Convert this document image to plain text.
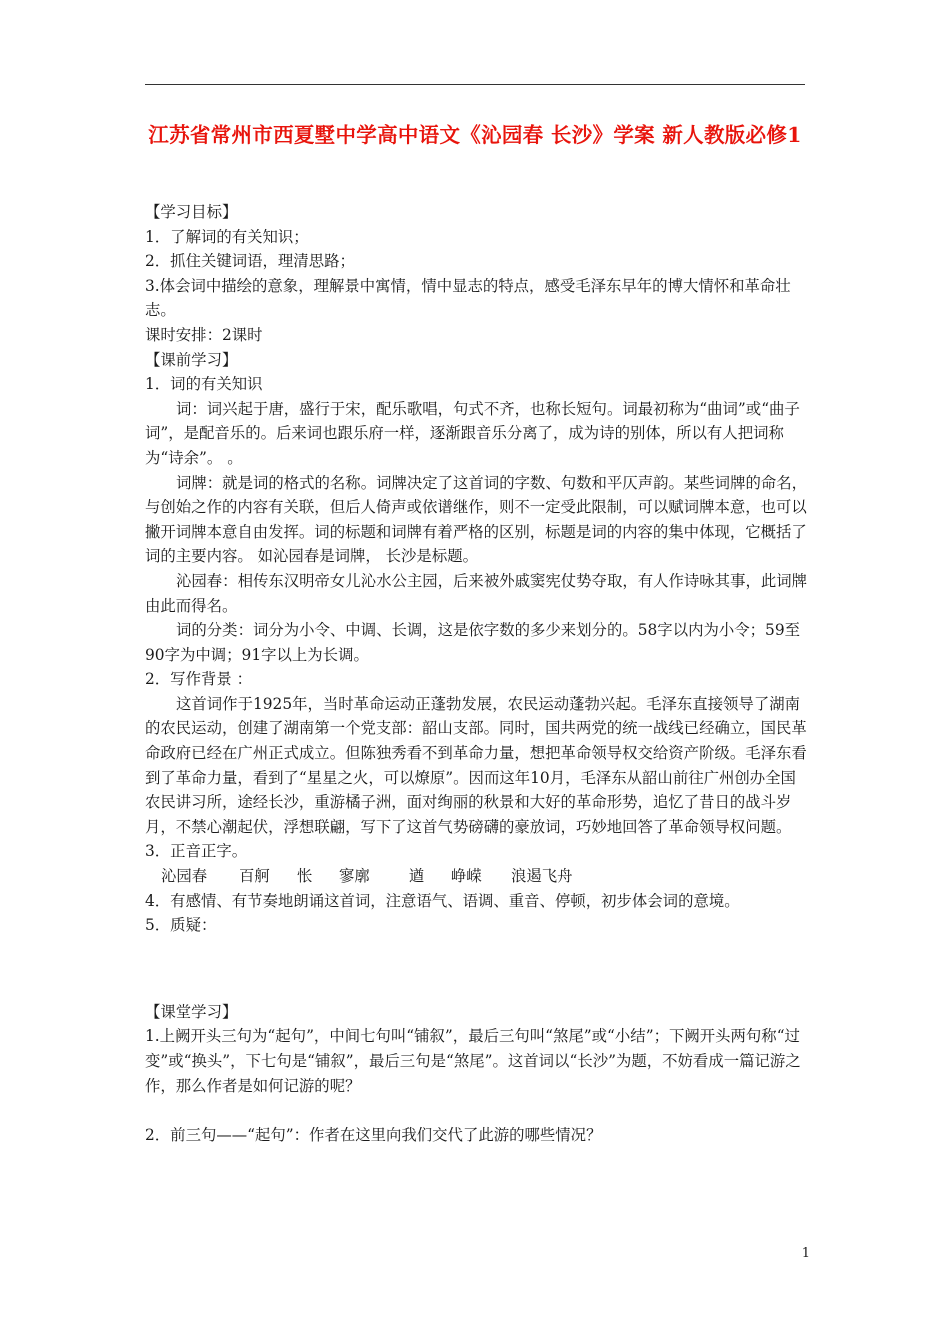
江苏省常州市西夏墅中学高中语文《沁园春 长沙》学案 新人教版必修1

【学习目标】

1．了解词的有关知识；

2．抓住关键词语，理清思路；

3.体会词中描绘的意象，理解景中寓情，情中显志的特点，感受毛泽东早年的博大情怀和革命壮志。

课时安排：2课时

【课前学习】

1．词的有关知识

词：词兴起于唐，盛行于宋，配乐歌唱，句式不齐，也称长短句。词最初称为“曲词”或“曲子词”，是配音乐的。后来词也跟乐府一样，逐渐跟音乐分离了，成为诗的别体，所以有人把词称为“诗余”。 。

词牌：就是词的格式的名称。词牌决定了这首词的字数、句数和平仄声韵。某些词牌的命名，与创始之作的内容有关联，但后人倚声或依谱继作，则不一定受此限制，可以赋词牌本意，也可以撇开词牌本意自由发挥。词的标题和词牌有着严格的区别，标题是词的内容的集中体现，它概括了词的主要内容。 如沁园春是词牌， 长沙是标题。

沁园春：相传东汉明帝女儿沁水公主园，后来被外戚窦宪仗势夺取，有人作诗咏其事，此词牌由此而得名。

词的分类：词分为小令、中调、长调，这是依字数的多少来划分的。58字以内为小令；59至90字为中调；91字以上为长调。

2．写作背景 ：

这首词作于1925年，当时革命运动正蓬勃发展，农民运动蓬勃兴起。毛泽东直接领导了湖南的农民运动，创建了湖南第一个党支部：韶山支部。同时，国共两党的统一战线已经确立，国民革命政府已经在广州正式成立。但陈独秀看不到革命力量，想把革命领导权交给资产阶级。毛泽东看到了革命力量，看到了“星星之火，可以燎原”。因而这年10月，毛泽东从韶山前往广州创办全国农民讲习所，途经长沙，重游橘子洲，面对绚丽的秋景和大好的革命形势，追忆了昔日的战斗岁月，不禁心潮起伏，浮想联翩，写下了这首气势磅礴的豪放词，巧妙地回答了革命领导权问题。

3．正音正字。

沁园春 百舸 怅 寥廓	遒 峥嵘 浪遏飞舟

4．有感情、有节奏地朗诵这首词，注意语气、语调、重音、停顿，初步体会词的意境。

5．质疑：

【课堂学习】

1.上阙开头三句为“起句”，中间七句叫“铺叙”，最后三句叫“煞尾”或“小结”；下阙开头两句称“过变”或“换头”，下七句是“铺叙”，最后三句是“煞尾”。这首词以“长沙”为题，不妨看成一篇记游之作，那么作者是如何记游的呢？

2．前三句——“起句”：作者在这里向我们交代了此游的哪些情况？

1
